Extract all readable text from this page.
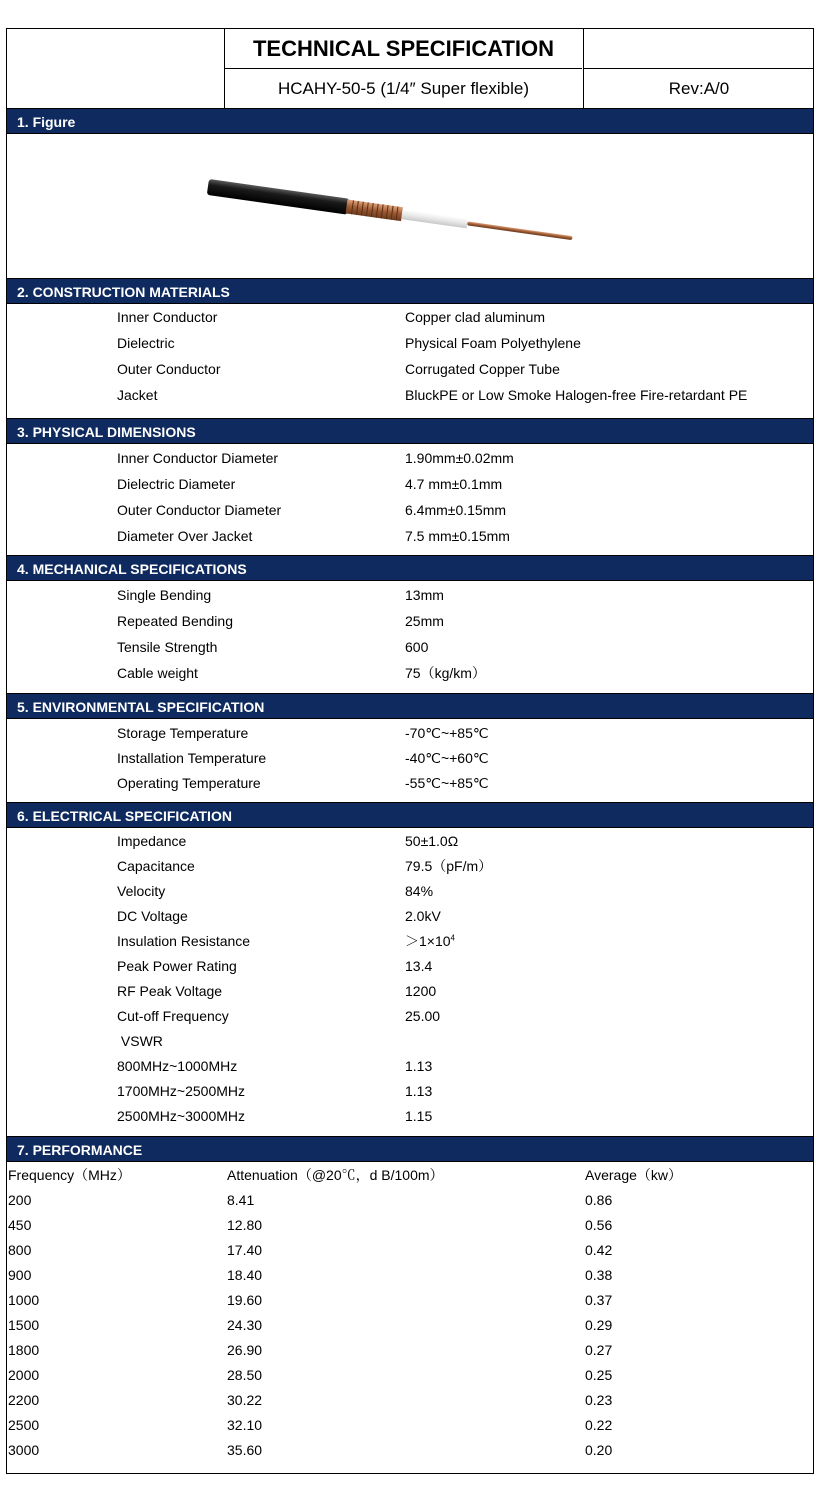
TECHNICAL SPECIFICATION
HCAHY-50-5 (1/4″ Super flexible)	Rev:A/0
1. Figure
2. CONSTRUCTION MATERIALS
Inner Conductor	Copper clad aluminum
Dielectric	Physical Foam Polyethylene
Outer Conductor	Corrugated Copper Tube
Jacket	BluckPE or Low Smoke Halogen-free Fire-retardant PE
3. PHYSICAL DIMENSIONS
Inner Conductor Diameter	1.90mm±0.02mm
Dielectric Diameter	4.7 mm±0.1mm
Outer Conductor Diameter	6.4mm±0.15mm
Diameter Over Jacket	7.5 mm±0.15mm
4. MECHANICAL SPECIFICATIONS
Single Bending	13mm
Repeated Bending	25mm
Tensile Strength	600
Cable weight	75（kg/km）
5. ENVIRONMENTAL SPECIFICATION
Storage Temperature	-70℃~+85℃
Installation Temperature	-40℃~+60℃
Operating Temperature	-55℃~+85℃
6. ELECTRICAL SPECIFICATION
Impedance	50±1.0Ω
Capacitance	79.5（pF/m）
Velocity	84%
DC Voltage	2.0kV
Insulation Resistance	$>1\times 10^4$
Peak Power Rating	13.4
RF Peak Voltage	1200
Cut-off Frequency	25.00
VSWR
800MHz~1000MHz	1.13
1700MHz~2500MHz	1.13
2500MHz~3000MHz	1.15
7. PERFORMANCE
Frequency（MHz）	Attenuation（@20℃，d B/100m）	Average（kw）
200	8.41	0.86
450	12.80	0.56
800	17.40	0.42
900	18.40	0.38
1000	19.60	0.37
1500	24.30	0.29
1800	26.90	0.27
2000	28.50	0.25
2200	30.22	0.23
2500	32.10	0.22
3000	35.60	0.20
